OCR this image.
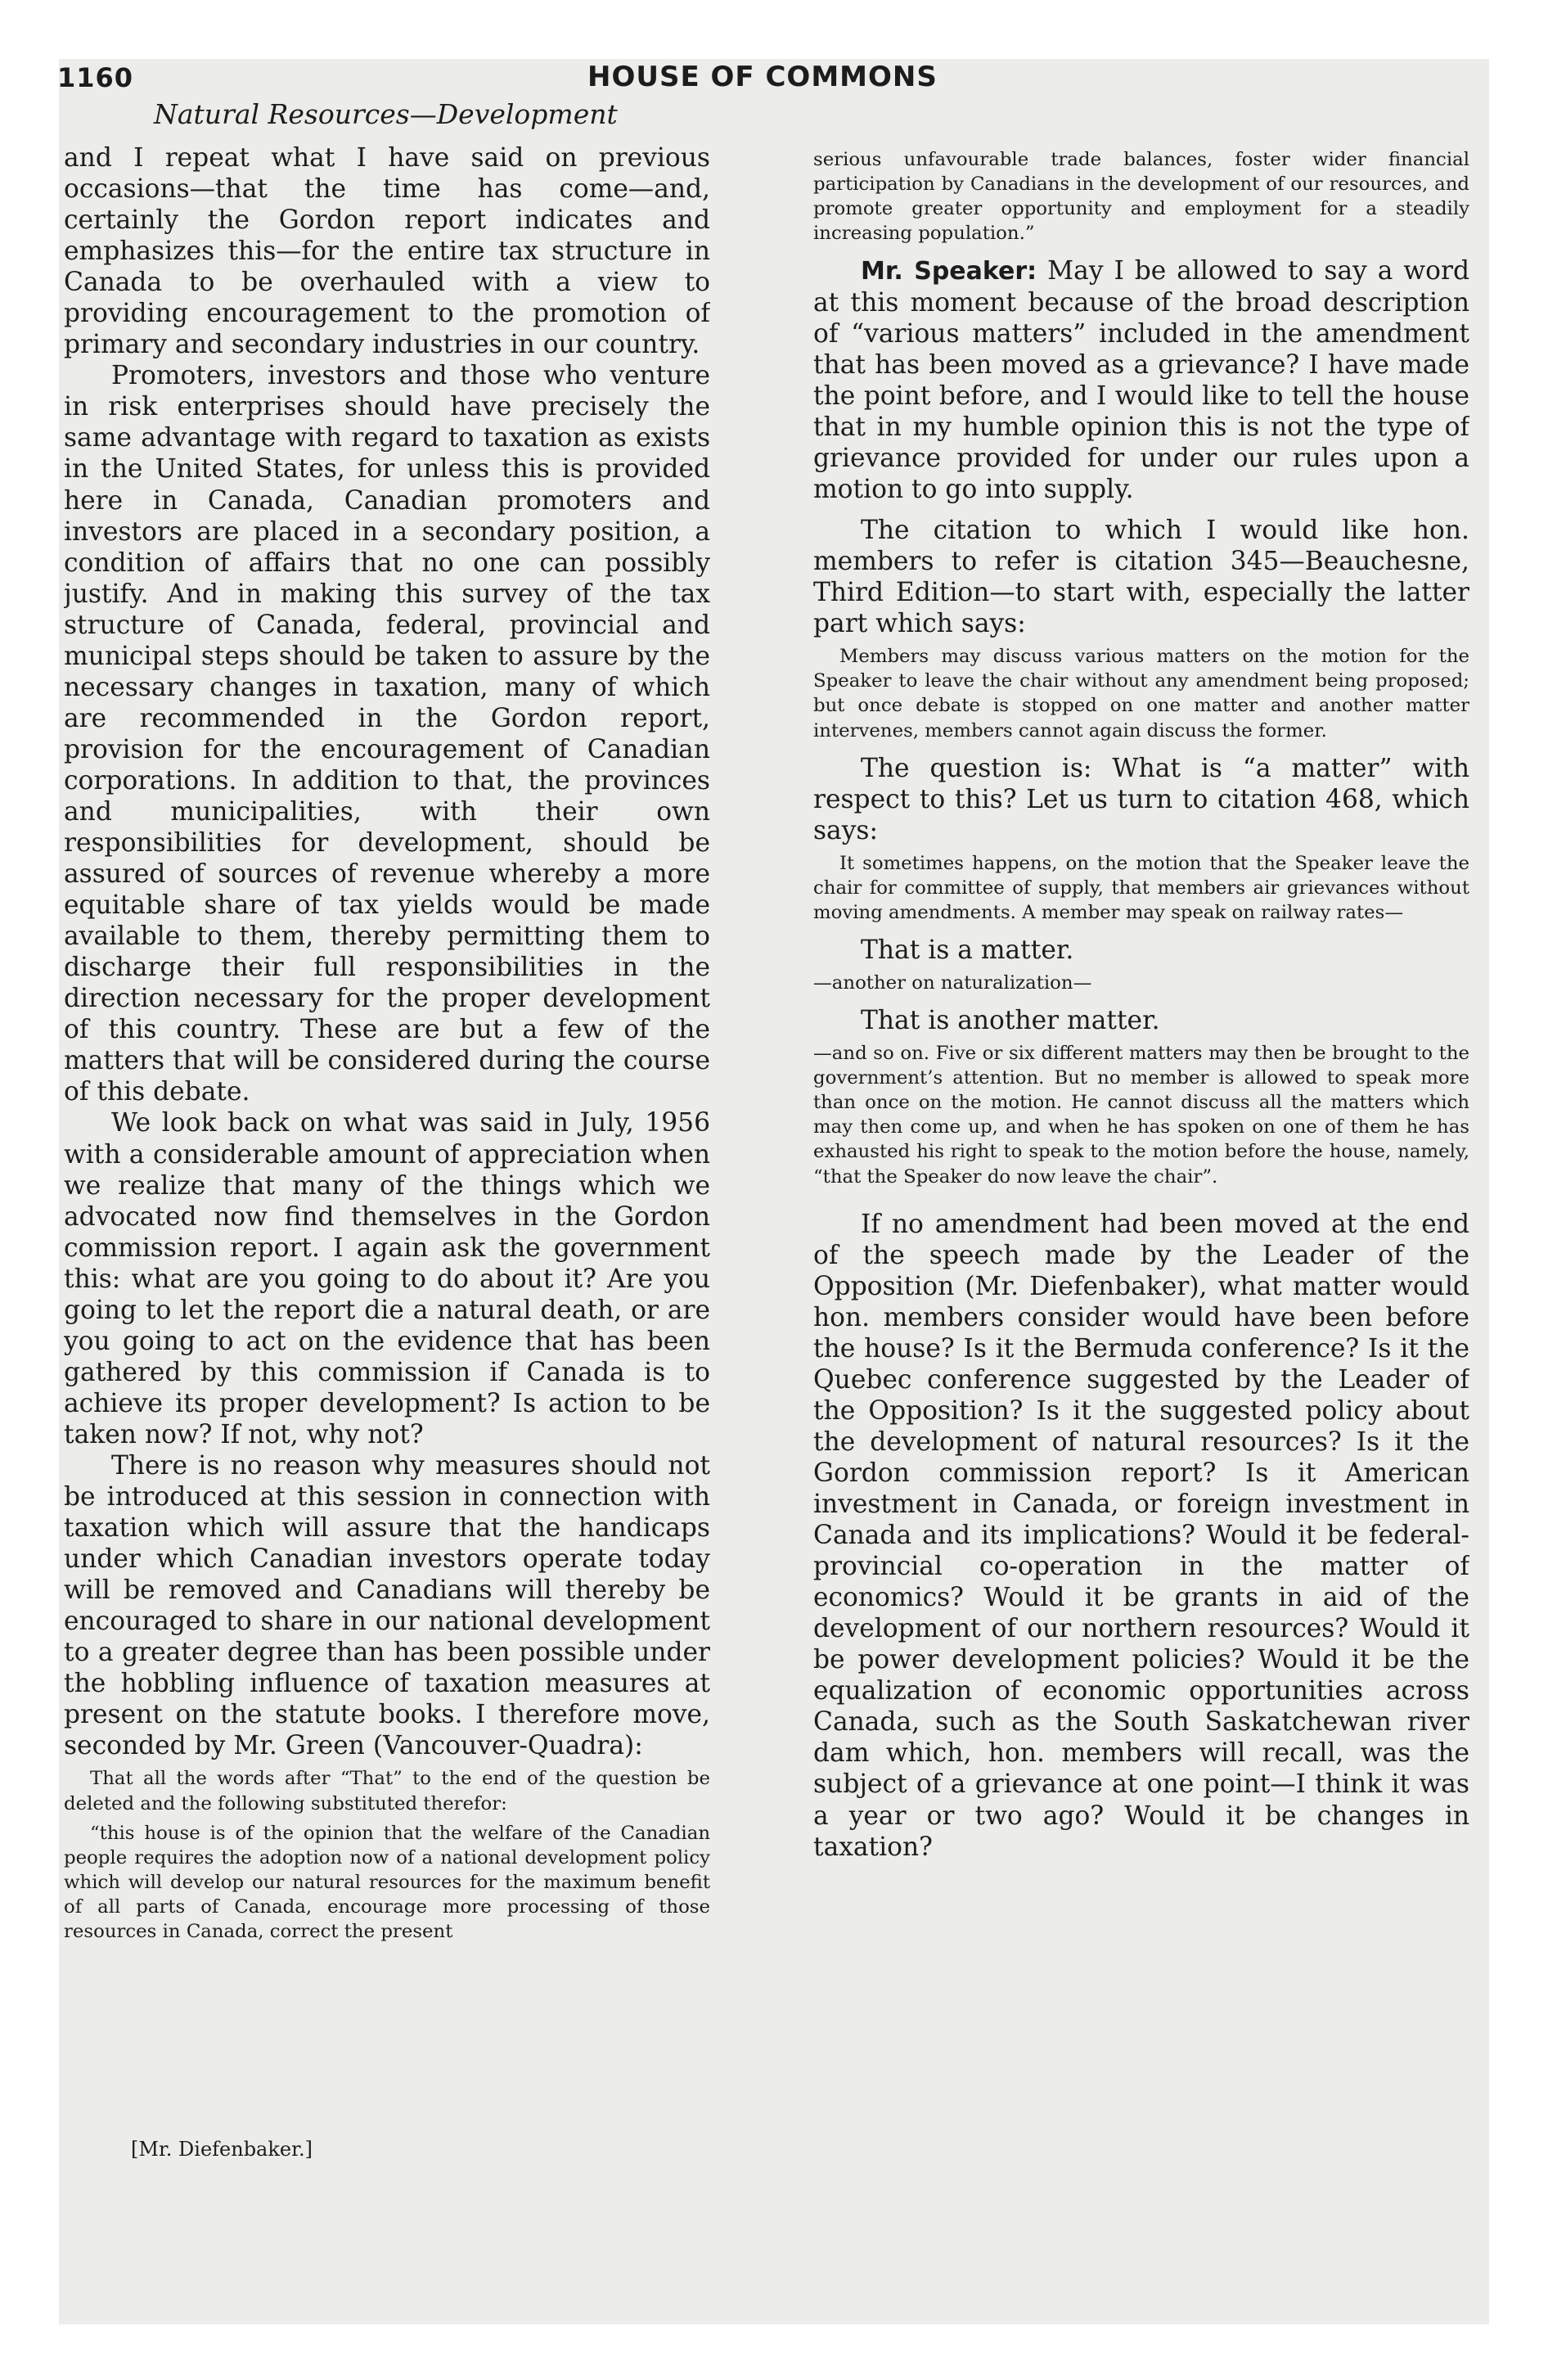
1160	HOUSE OF COMMONS
Natural Resources—Development

and I repeat what I have said on previous occasions—that the time has come—and, certainly the Gordon report indicates and emphasizes this—for the entire tax structure in Canada to be overhauled with a view to providing encouragement to the promotion of primary and secondary industries in our country.

Promoters, investors and those who venture in risk enterprises should have precisely the same advantage with regard to taxation as exists in the United States, for unless this is provided here in Canada, Canadian promoters and investors are placed in a secondary position, a condition of affairs that no one can possibly justify. And in making this survey of the tax structure of Canada, federal, provincial and municipal steps should be taken to assure by the necessary changes in taxation, many of which are recommended in the Gordon report, provision for the encouragement of Canadian corporations. In addition to that, the provinces and municipalities, with their own responsibilities for development, should be assured of sources of revenue whereby a more equitable share of tax yields would be made available to them, thereby permitting them to discharge their full responsibilities in the direction necessary for the proper development of this country. These are but a few of the matters that will be considered during the course of this debate.

We look back on what was said in July, 1956 with a considerable amount of appreciation when we realize that many of the things which we advocated now find themselves in the Gordon commission report. I again ask the government this: what are you going to do about it? Are you going to let the report die a natural death, or are you going to act on the evidence that has been gathered by this commission if Canada is to achieve its proper development? Is action to be taken now? If not, why not?

There is no reason why measures should not be introduced at this session in connection with taxation which will assure that the handicaps under which Canadian investors operate today will be removed and Canadians will thereby be encouraged to share in our national development to a greater degree than has been possible under the hobbling influence of taxation measures at present on the statute books. I therefore move, seconded by Mr. Green (Vancouver-Quadra):

That all the words after “That” to the end of the question be deleted and the following substituted therefor:

“this house is of the opinion that the welfare of the Canadian people requires the adoption now of a national development policy which will develop our natural resources for the maximum benefit of all parts of Canada, encourage more processing of those resources in Canada, correct the present

[Mr. Diefenbaker.]

serious unfavourable trade balances, foster wider financial participation by Canadians in the development of our resources, and promote greater opportunity and employment for a steadily increasing population.”

Mr. Speaker: May I be allowed to say a word at this moment because of the broad description of “various matters” included in the amendment that has been moved as a grievance? I have made the point before, and I would like to tell the house that in my humble opinion this is not the type of grievance provided for under our rules upon a motion to go into supply.

The citation to which I would like hon. members to refer is citation 345—Beauchesne, Third Edition—to start with, especially the latter part which says:

Members may discuss various matters on the motion for the Speaker to leave the chair without any amendment being proposed; but once debate is stopped on one matter and another matter intervenes, members cannot again discuss the former.

The question is: What is “a matter” with respect to this? Let us turn to citation 468, which says:

It sometimes happens, on the motion that the Speaker leave the chair for committee of supply, that members air grievances without moving amendments. A member may speak on railway rates—

That is a matter.

—another on naturalization—

That is another matter.

—and so on. Five or six different matters may then be brought to the government’s attention. But no member is allowed to speak more than once on the motion. He cannot discuss all the matters which may then come up, and when he has spoken on one of them he has exhausted his right to speak to the motion before the house, namely, “that the Speaker do now leave the chair”.

If no amendment had been moved at the end of the speech made by the Leader of the Opposition (Mr. Diefenbaker), what matter would hon. members consider would have been before the house? Is it the Bermuda conference? Is it the Quebec conference suggested by the Leader of the Opposition? Is it the suggested policy about the development of natural resources? Is it the Gordon commission report? Is it American investment in Canada, or foreign investment in Canada and its implications? Would it be federal-provincial co-operation in the matter of economics? Would it be grants in aid of the development of our northern resources? Would it be power development policies? Would it be the equalization of economic opportunities across Canada, such as the South Saskatchewan river dam which, hon. members will recall, was the subject of a grievance at one point—I think it was a year or two ago? Would it be changes in taxation?
